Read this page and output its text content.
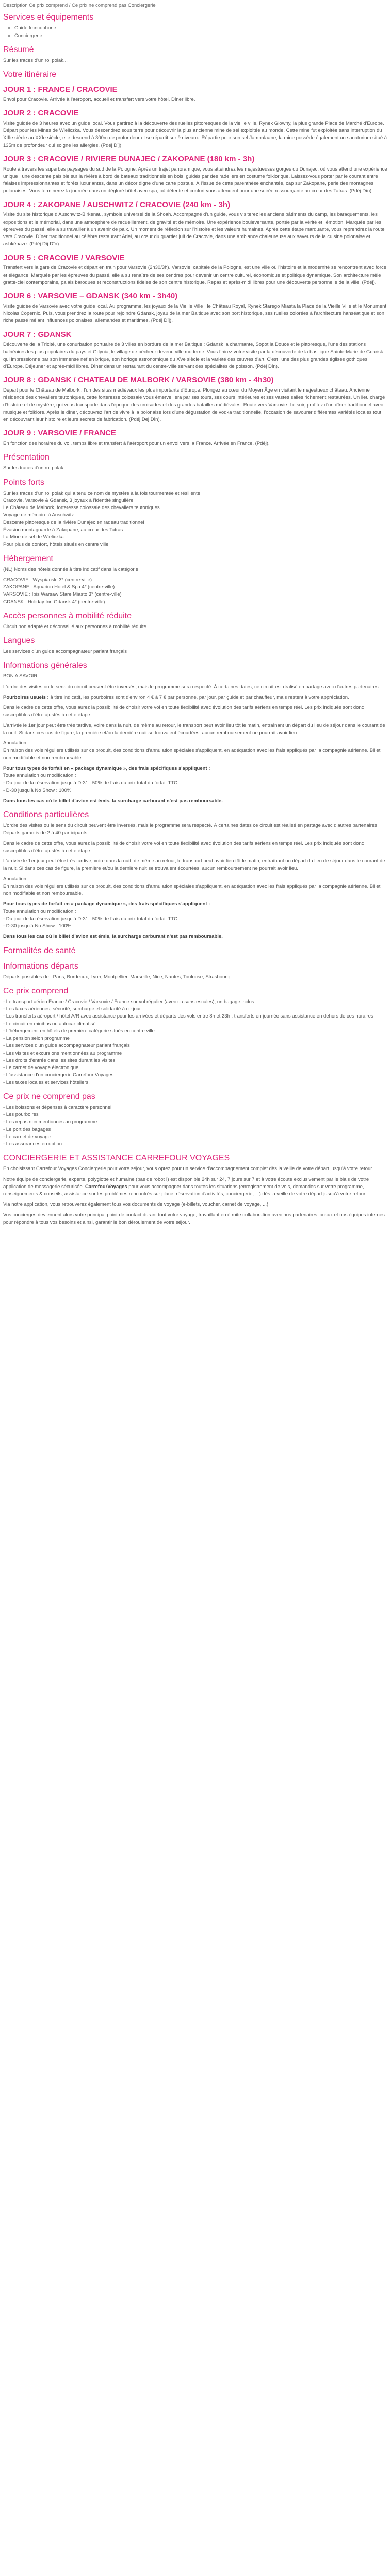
Description Ce prix comprend / Ce prix ne comprend pas Conciergerie
Services et équipements
• Guide francophone
• Conciergerie
Résumé

Sur les traces d'un roi polak...

Votre itinéraire
JOUR 1 : FRANCE / CRACOVIE

Envol pour Cracovie. Arrivée à l'aéroport, accueil et transfert vers votre hôtel. Dîner libre.

JOUR 2 : CRACOVIE

Visite guidée de 3 heures avec un guide local. Vous partirez à la découverte des ruelles pittoresques de la vieille ville, Rynek Glowny, la plus grande Place de Marché d'Europe. Départ pour les Mines de Wieliczka. Vous descendrez sous terre pour découvrir la plus ancienne mine de sel exploitée au monde. Cette mine fut exploitée sans interruption du XIIIe siècle au XXIe siècle, elle descend à 300m de profondeur et se répartit sur 9 niveaux. Répartie pour son sel Jambalaane, la mine possède également un sanatorium situé à 135m de profondeur qui soigne les allergies. (Pdéj Dîj).

JOUR 3 : CRACOVIE / RIVIERE DUNAJEC / ZAKOPANE (180 km - 3h)

Route à travers les superbes paysages du sud de la Pologne. Après un trajet panoramique, vous atteindrez les majestueuses gorges du Dunajec, où vous attend une expérience unique : une descente paisible sur la rivière à bord de bateaux traditionnels en bois, guidés par des radeliers en costume folklorique. Laissez-vous porter par le courant entre falaises impressionnantes et forêts luxuriantes, dans un décor digne d'une carte postale. À l'issue de cette parenthèse enchantée, cap sur Zakopane, perle des montagnes polonaises. Vous terminerez la journée dans un dégluré hôtel avec spa, où détente et confort vous attendent pour une soirée ressourçante au cœur des Tatras. (Pdéj Dîn).

JOUR 4 : ZAKOPANE / AUSCHWITZ / CRACOVIE (240 km - 3h)

Visite du site historique d'Auschwitz-Birkenau, symbole universel de la Shoah. Accompagné d'un guide, vous visiterez les anciens bâtiments du camp, les baraquements, les expositions et le mémorial, dans une atmosphère de recueillement, de gravité et de mémoire. Une expérience bouleversante, portée par la vérité et l'émotion. Marquée par les épreuves du passé, elle a su travailler à un avenir de paix. Un moment de réflexion sur l'histoire et les valeurs humaines. Après cette étape marquante, vous reprendrez la route vers Cracovie. Dîner traditionnel au célèbre restaurant Ariel, au cœur du quartier juif de Cracovie, dans une ambiance chaleureuse aux saveurs de la cuisine polonaise et ashkénaze. (Pdéj Dîj Dîn).

JOUR 5 : CRACOVIE / VARSOVIE

Transfert vers la gare de Cracovie et départ en train pour Varsovie (2h30/3h). Varsovie, capitale de la Pologne, est une ville où l'histoire et la modernité se rencontrent avec force et élégance. Marquée par les épreuves du passé, elle a su renaître de ses cendres pour devenir un centre culturel, économique et politique dynamique. Son architecture mêle gratte-ciel contemporains, palais baroques et reconstructions fidèles de son centre historique. Repas et après-midi libres pour une découverte personnelle de la ville. (Pdéj).

JOUR 6 : VARSOVIE – GDANSK (340 km - 3h40)

Visite guidée de Varsovie avec votre guide local. Au programme, les joyaux de la Vieille Ville : le Château Royal, Rynek Starego Miasta la Place de la Vieille Ville et le Monument Nicolas Copernic. Puis, vous prendrez la route pour rejoindre Gdansk, joyau de la mer Baltique avec son port historique, ses ruelles colorées à l'architecture hanséatique et son riche passé mêlant influences polonaises, allemandes et maritimes. (Pdéj Dîj).

JOUR 7 : GDANSK

Découverte de la Tricité, une conurbation portuaire de 3 villes en bordure de la mer Baltique : Gdansk la charmante, Sopot la Douce et le pittoresque, l'une des stations balnéaires les plus populaires du pays et Gdynia, le village de pêcheur devenu ville moderne. Vous finirez votre visite par la découverte de la basilique Sainte-Marie de Gdańsk qui impressionne par son immense nef en brique, son horloge astronomique du XVe siècle et la variété des œuvres d'art. C'est l'une des plus grandes églises gothiques d'Europe. Déjeuner et après-midi libres. Dîner dans un restaurant du centre-ville servant des spécialités de poisson. (Pdéj Dîn).

JOUR 8 : GDANSK / CHATEAU DE MALBORK / VARSOVIE (380 km - 4h30)

Départ pour le Château de Malbork : l'un des sites médiévaux les plus importants d'Europe. Plongez au cœur du Moyen Âge en visitant le majestueux château. Ancienne résidence des chevaliers teutoniques, cette forteresse colossale vous émerveillera par ses tours, ses cours intérieures et ses vastes salles richement restaurées. Un lieu chargé d'histoire et de mystère, qui vous transporte dans l'époque des croisades et des grandes batailles médiévales. Route vers Varsovie. Le soir, profitez d'un dîner traditionnel avec musique et folklore. Après le dîner, découvrez l'art de vivre à la polonaise lors d'une dégustation de vodka traditionnelle, l'occasion de savourer différentes variétés locales tout en découvrant leur histoire et leurs secrets de fabrication. (Pdéj Dej Dîn).

JOUR 9 : VARSOVIE / FRANCE

En fonction des horaires du vol, temps libre et transfert à l'aéroport pour un envol vers la France. Arrivée en France. (Pdéj).

Présentation

Sur les traces d'un roi polak...

Points forts
Sur les traces d'un roi polak qui a tenu ce nom de mystère à la fois tourmentée et résiliente
Cracovie, Varsovie & Gdansk, 3 joyaux à l'identité singulière
Le Château de Malbork, forteresse colossale des chevaliers teutoniques
Voyage de mémoire à Auschwitz
Descente pittoresque de la rivière Dunajec en radeau traditionnel
Évasion montagnarde à Zakopane, au cœur des Tatras
La Mine de sel de Wieliczka
Pour plus de confort, hôtels situés en centre ville
Hébergement

(NL) Noms des hôtels donnés à titre indicatif dans la catégorie

CRACOVIE : Wyspianski 3* (centre-ville)
ZAKOPANE : Aquarion Hotel & Spa 4* (centre-ville)
VARSOVIE : Ibis Warsaw Stare Miasto 3* (centre-ville)
GDANSK : Holiday Inn Gdansk 4* (centre-ville)
Accès personnes à mobilité réduite

Circuit non adapté et déconseillé aux personnes à mobilité réduite.

Langues

Les services d'un guide accompagnateur parlant français

Informations générales

BON A SAVOIR

L'ordre des visites ou le sens du circuit peuvent être inversés, mais le programme sera respecté. À certaines dates, ce circuit est réalisé en partage avec d'autres partenaires.

Pourboires usuels : à titre indicatif, les pourboires sont d'environ 4 € à 7 € par personne, par jour, par guide et par chauffeur, mais restent à votre appréciation.

Dans le cadre de cette offre, vous aurez la possibilité de choisir votre vol en toute flexibilité avec évolution des tarifs aériens en temps réel. Les prix indiqués sont donc susceptibles d'être ajustés à cette étape.

L'arrivée le 1er jour peut être très tardive, voire dans la nuit, de même au retour, le transport peut avoir lieu tôt le matin, entraînant un départ du lieu de séjour dans le courant de la nuit. Si dans ces cas de figure, la première et/ou la dernière nuit se trouvaient écourtées, aucun remboursement ne pourrait avoir lieu.

Annulation :

En raison des vols réguliers utilisés sur ce produit, des conditions d'annulation spéciales s'appliquent, en adéquation avec les frais appliqués par la compagnie aérienne. Billet non modifiable et non remboursable.

Pour tous types de forfait en « package dynamique », des frais spécifiques s'appliquent :
Toute annulation ou modification :
- Du jour de la réservation jusqu'à D-31 : 50% de frais du prix total du forfait TTC
- D-30 jusqu'à No Show : 100%

Dans tous les cas où le billet d'avion est émis, la surcharge carburant n'est pas remboursable.

Conditions particulières
L'ordre des visites ou le sens du circuit peuvent être inversés, mais le programme sera respecté. À certaines dates ce circuit est réalisé en partage avec d'autres partenaires

Départs garantis de 2 à 40 participants

Dans le cadre de cette offre, vous aurez la possibilité de choisir votre vol en toute flexibilité avec évolution des tarifs aériens en temps réel. Les prix indiqués sont donc susceptibles d'être ajustés à cette étape.

L'arrivée le 1er jour peut être très tardive, voire dans la nuit, de même au retour, le transport peut avoir lieu tôt le matin, entraînant un départ du lieu de séjour dans le courant de la nuit. Si dans ces cas de figure, la première et/ou la dernière nuit se trouvaient écourtées, aucun remboursement ne pourrait avoir lieu.

Annulation :

En raison des vols réguliers utilisés sur ce produit, des conditions d'annulation spéciales s'appliquent, en adéquation avec les frais appliqués par la compagnie aérienne. Billet non modifiable et non remboursable.

Pour tous types de forfait en « package dynamique », des frais spécifiques s'appliquent :
Toute annulation ou modification :
- Du jour de la réservation jusqu'à D-31 : 50% de frais du prix total du forfait TTC
- D-30 jusqu'à No Show : 100%

Dans tous les cas où le billet d'avion est émis, la surcharge carburant n'est pas remboursable.

Formalités de santé
Informations départs

Départs possibles de : Paris, Bordeaux, Lyon, Montpellier, Marseille, Nice, Nantes, Toulouse, Strasbourg

Ce prix comprend
- Le transport aérien France / Cracovie / Varsovie / France sur vol régulier (avec ou sans escales), un bagage inclus
- Les taxes aériennes, sécurité, surcharge et solidarité à ce jour
- Les transferts aéroport / hôtel A/R avec assistance pour les arrivées et départs des vols entre 8h et 23h ; transferts en journée sans assistance en dehors de ces horaires
- Le circuit en minibus ou autocar climatisé
- L'hébergement en hôtels de première catégorie situés en centre ville
- La pension selon programme
- Les services d'un guide accompagnateur parlant français
- Les visites et excursions mentionnées au programme
- Les droits d'entrée dans les sites durant les visites
- Le carnet de voyage électronique
- L'assistance d'un conciergerie Carrefour Voyages
- Les taxes locales et services hôteliers.
Ce prix ne comprend pas
- Les boissons et dépenses à caractère personnel
- Les pourboires
- Les repas non mentionnés au programme
- Le port des bagages
- Le carnet de voyage
- Les assurances en option
CONCIERGERIE ET ASSISTANCE CARREFOUR VOYAGES

En choisissant Carrefour Voyages Conciergerie pour votre séjour, vous optez pour un service d'accompagnement complet dès la veille de votre départ jusqu'à votre retour.

Notre équipe de conciergerie, experte, polyglotte et humaine (pas de robot !) est disponible 24h sur 24, 7 jours sur 7 et à votre écoute exclusivement par le biais de votre application de messagerie sécurisée. CarrefourVoyages pour vous accompagner dans toutes les situations (enregistrement de vols, demandes sur votre programme, renseignements & conseils, assistance sur les problèmes rencontrés sur place, réservation d'activités, conciergerie, ...) dès la veille de votre départ jusqu'à votre retour.

Via notre application, vous retrouverez également tous vos documents de voyage (e-billets, voucher, carnet de voyage, ...)

Vos concierges deviennent alors votre principal point de contact durant tout votre voyage, travaillant en étroite collaboration avec nos partenaires locaux et nos équipes internes pour répondre à tous vos besoins et ainsi, garantir le bon déroulement de votre séjour.
